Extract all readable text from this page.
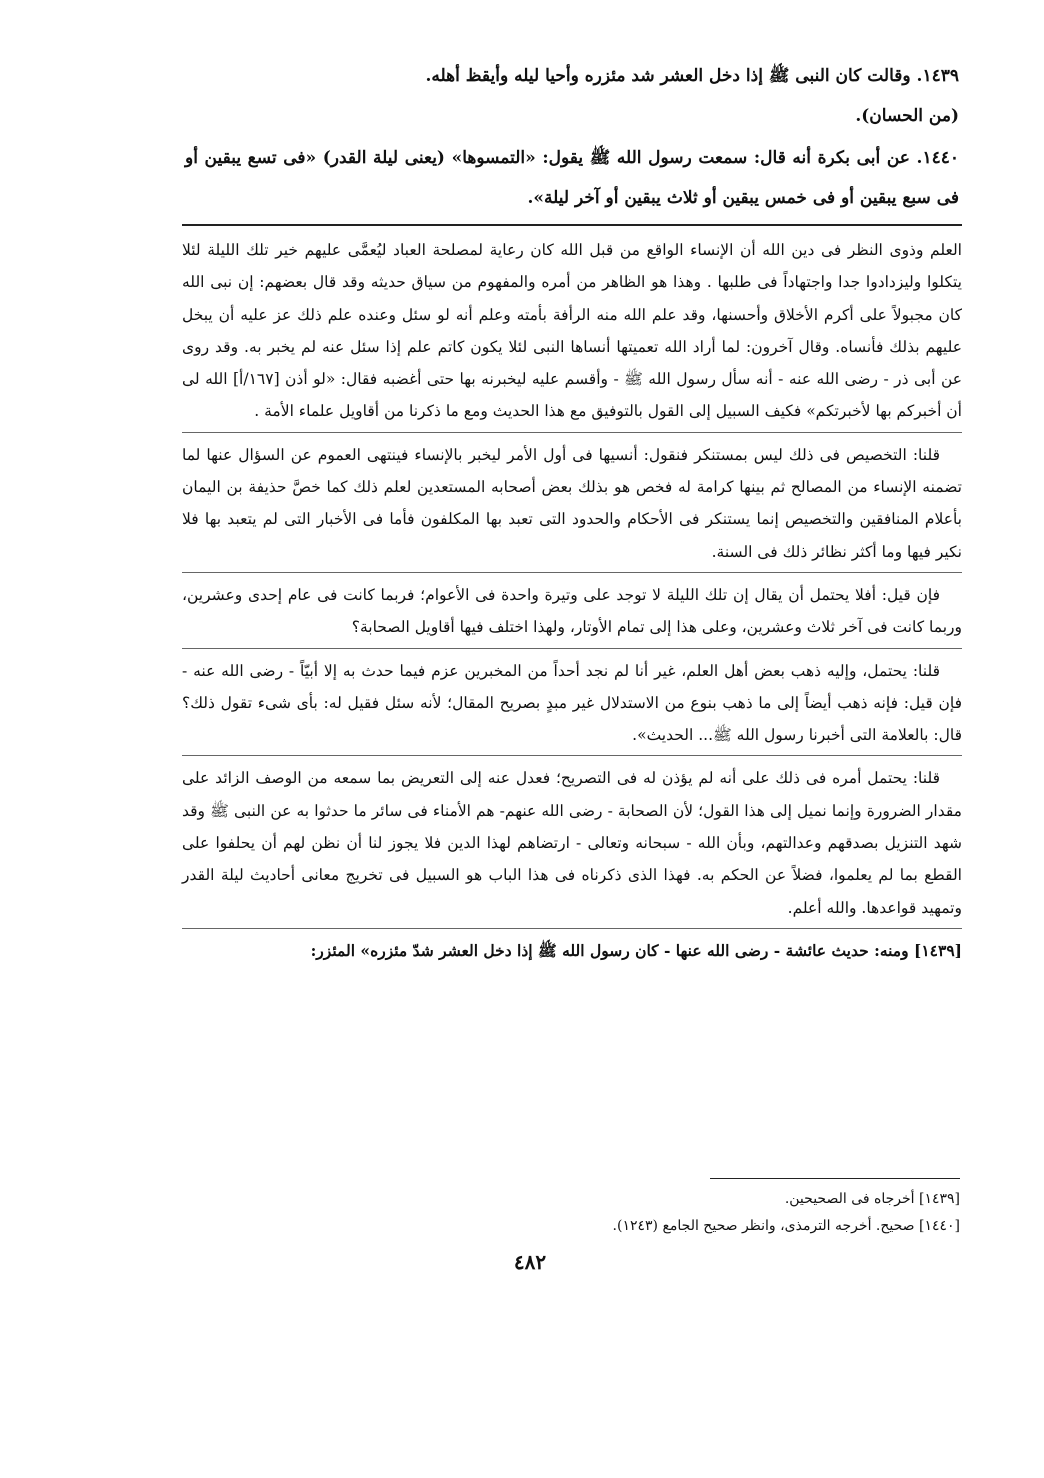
١٤٣٩. وقالت كان النبى ﷺ إذا دخل العشر شد مئزره وأحيا ليله وأيقظ أهله.

(من الحسان).

١٤٤٠. عن أبى بكرة أنه قال: سمعت رسول الله ﷺ يقول: «التمسوها» (يعنى ليلة القدر) «فى تسع يبقين أو فى سبع يبقين أو فى خمس يبقين أو ثلاث يبقين أو آخر ليلة».

العلم وذوى النظر فى دين الله أن الإنساء الواقع من قبل الله كان رعاية لمصلحة العباد ليُعمَّى عليهم خير تلك الليلة لئلا يتكلوا وليزدادوا جدا واجتهاداً فى طلبها . وهذا هو الظاهر من أمره والمفهوم من سياق حديثه وقد قال بعضهم: إن نبى الله كان مجبولاً على أكرم الأخلاق وأحسنها، وقد علم الله منه الرأفة بأمته وعلم أنه لو سئل وعنده علم ذلك عز عليه أن يبخل عليهم بذلك فأنساه. وقال آخرون: لما أراد الله تعميتها أنساها النبى لئلا يكون كاتم علم إذا سئل عنه لم يخبر به. وقد روى عن أبى ذر - رضى الله عنه - أنه سأل رسول الله ﷺ - وأقسم عليه ليخبرنه بها حتى أغضبه فقال: «لو أذن [١٦٧/أ] الله لى أن أخبركم بها لأخبرتكم» فكيف السبيل إلى القول بالتوفيق مع هذا الحديث ومع ما ذكرنا من أقاويل علماء الأمة .

قلنا: التخصيص فى ذلك ليس بمستنكر فنقول: أنسيها فى أول الأمر ليخبر بالإنساء فينتهى العموم عن السؤال عنها لما تضمنه الإنساء من المصالح ثم بينها كرامة له فخص هو بذلك بعض أصحابه المستعدين لعلم ذلك كما خصَّ حذيفة بن اليمان بأعلام المنافقين والتخصيص إنما يستنكر فى الأحكام والحدود التى تعبد بها المكلفون فأما فى الأخبار التى لم يتعبد بها فلا نكير فيها وما أكثر نظائر ذلك فى السنة.

فإن قيل: أفلا يحتمل أن يقال إن تلك الليلة لا توجد على وتيرة واحدة فى الأعوام؛ فربما كانت فى عام إحدى وعشرين، وربما كانت فى آخر ثلاث وعشرين، وعلى هذا إلى تمام الأوتار، ولهذا اختلف فيها أقاويل الصحابة؟

قلنا: يحتمل، وإليه ذهب بعض أهل العلم، غير أنا لم نجد أحداً من المخبرين عزم فيما حدث به إلا أبيّاً - رضى الله عنه - فإن قيل: فإنه ذهب أيضاً إلى ما ذهب بنوع من الاستدلال غير مبدٍ بصريح المقال؛ لأنه سئل فقيل له: بأى شىء تقول ذلك؟ قال: بالعلامة التى أخبرنا رسول الله ﷺ... الحديث».

قلنا: يحتمل أمره فى ذلك على أنه لم يؤذن له فى التصريح؛ فعدل عنه إلى التعريض بما سمعه من الوصف الزائد على مقدار الضرورة وإنما نميل إلى هذا القول؛ لأن الصحابة - رضى الله عنهم- هم الأمناء فى سائر ما حدثوا به عن النبى ﷺ وقد شهد التنزيل بصدقهم وعدالتهم، وبأن الله - سبحانه وتعالى - ارتضاهم لهذا الدين فلا يجوز لنا أن نظن لهم أن يحلفوا على القطع بما لم يعلموا، فضلاً عن الحكم به. فهذا الذى ذكرناه فى هذا الباب هو السبيل فى تخريج معانى أحاديث ليلة القدر وتمهيد قواعدها. والله أعلم.

[١٤٣٩] ومنه: حديث عائشة - رضى الله عنها - كان رسول الله ﷺ إذا دخل العشر شدّ مئزره» المئزر:

[١٤٣٩] أخرجاه فى الصحيحين.

[١٤٤٠] صحيح. أخرجه الترمذى، وانظر صحيح الجامع (١٢٤٣).

٤٨٢
